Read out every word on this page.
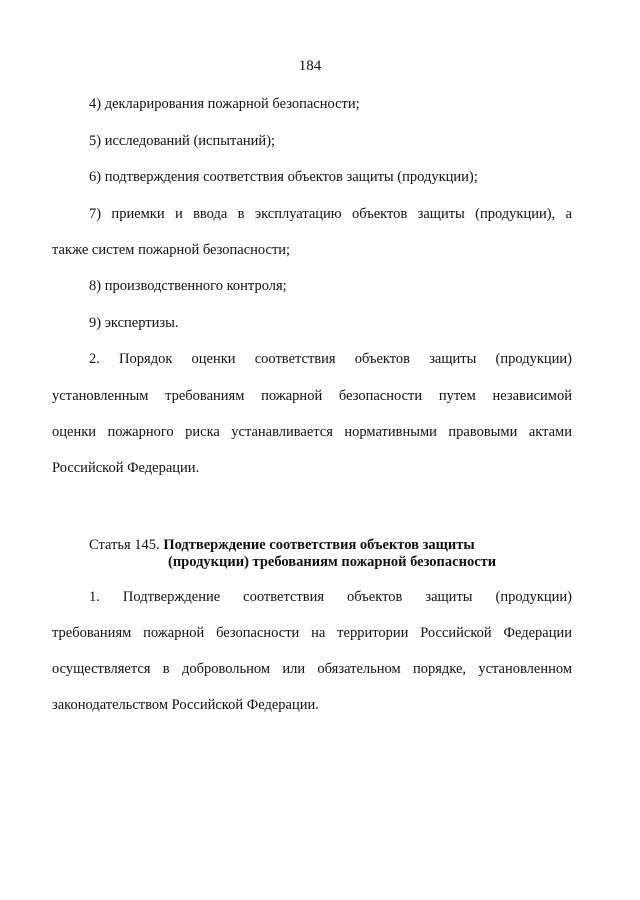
184
4) декларирования пожарной безопасности;
5) исследований (испытаний);
6) подтверждения соответствия объектов защиты (продукции);
7) приемки и ввода в эксплуатацию объектов защиты (продукции), а
также систем пожарной безопасности;
8) производственного контроля;
9) экспертизы.
2. Порядок оценки соответствия объектов защиты (продукции)
установленным требованиям пожарной безопасности путем независимой
оценки пожарного риска устанавливается нормативными правовыми актами
Российской Федерации.
Статья 145. Подтверждение соответствия объектов защиты
(продукции) требованиям пожарной безопасности
1. Подтверждение соответствия объектов защиты (продукции)
требованиям пожарной безопасности на территории Российской Федерации
осуществляется в добровольном или обязательном порядке, установленном
законодательством Российской Федерации.
